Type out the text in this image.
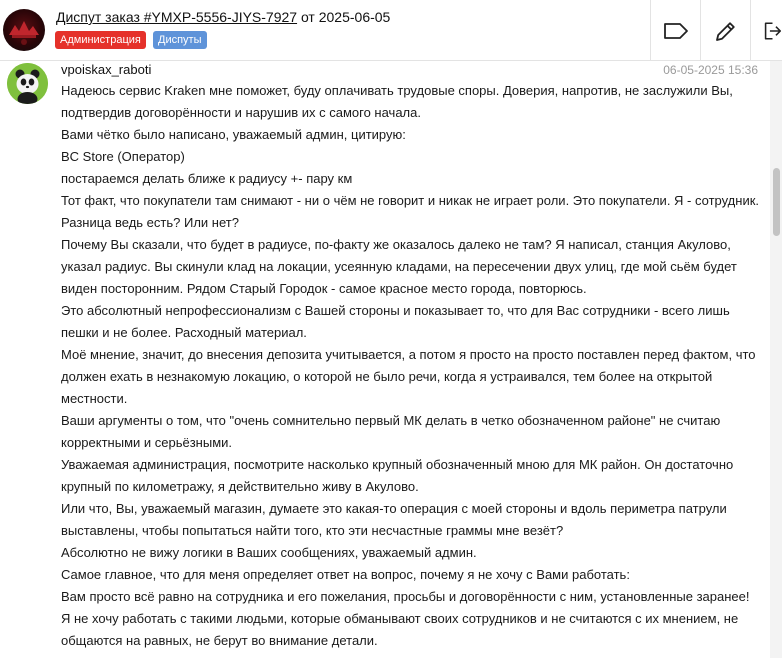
Диспут заказ #YMXP-5556-JIYS-7927 от 2025-06-05
Администрация	Диспуты
vpoiskax_raboti	06-05-2025 15:36

Надеюсь сервис Kraken мне поможет, буду оплачивать трудовые споры. Доверия, напротив, не заслужили Вы, подтвердив договорённости и нарушив их с самого начала.

Вами чётко было написано, уважаемый админ, цитирую:

BC Store (Оператор)

постараемся делать ближе к радиусу +- пару км

Тот факт, что покупатели там снимают - ни о чём не говорит и никак не играет роли. Это покупатели. Я - сотрудник. Разница ведь есть? Или нет?

Почему Вы сказали, что будет в радиусе, по-факту же оказалось далеко не там? Я написал, станция Акулово, указал радиус. Вы скинули клад на локации, усеянную кладами, на пересечении двух улиц, где мой сьём будет виден посторонним. Рядом Старый Городок - самое красное место города, повторюсь.

Это абсолютный непрофессионализм с Вашей стороны и показывает то, что для Вас сотрудники - всего лишь пешки и не более. Расходный материал.

Моё мнение, значит, до внесения депозита учитывается, а потом я просто на просто поставлен перед фактом, что должен ехать в незнакомую локацию, о которой не было речи, когда я устраивался, тем более на открытой местности.

Ваши аргументы о том, что "очень сомнительно первый МК делать в четко обозначенном районе" не считаю корректными и серьёзными.

Уважаемая администрация, посмотрите насколько крупный обозначенный мною для МК район. Он достаточно крупный по километражу, я действительно живу в Акулово.

Или что, Вы, уважаемый магазин, думаете это какая-то операция с моей стороны и вдоль периметра патрули выставлены, чтобы попытаться найти того, кто эти несчастные граммы мне везёт?

Абсолютно не вижу логики в Ваших сообщениях, уважаемый админ.

Самое главное, что для меня определяет ответ на вопрос, почему я не хочу с Вами работать:

Вам просто всё равно на сотрудника и его пожелания, просьбы и договорённости с ним, установленные заранее! Я не хочу работать с такими людьми, которые обманывают своих сотрудников и не считаются с их мнением, не общаются на равных, не берут во внимание детали.
